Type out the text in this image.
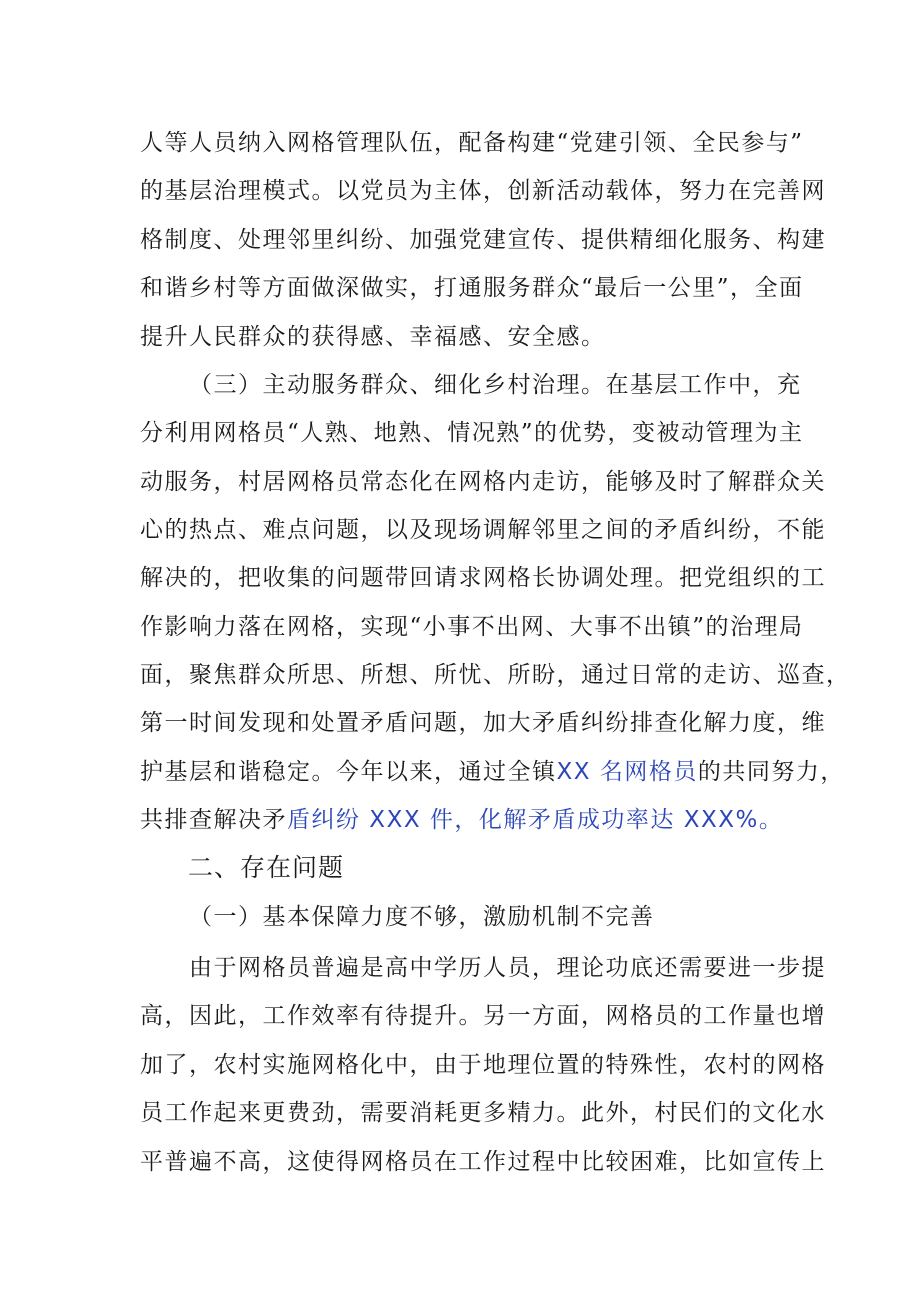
人等人员纳入网格管理队伍，配备构建“党建引领、全民参与”
的基层治理模式。以党员为主体，创新活动载体，努力在完善网
格制度、处理邻里纠纷、加强党建宣传、提供精细化服务、构建
和谐乡村等方面做深做实，打通服务群众“最后一公里”，全面
提升人民群众的获得感、幸福感、安全感。
（三）主动服务群众、细化乡村治理。在基层工作中，充
分利用网格员“人熟、地熟、情况熟”的优势，变被动管理为主
动服务，村居网格员常态化在网格内走访，能够及时了解群众关
心的热点、难点问题，以及现场调解邻里之间的矛盾纠纷，不能
解决的，把收集的问题带回请求网格长协调处理。把党组织的工
作影响力落在网格，实现“小事不出网、大事不出镇”的治理局
面，聚焦群众所思、所想、所忧、所盼，通过日常的走访、巡查，
第一时间发现和处置矛盾问题，加大矛盾纠纷排查化解力度，维
护基层和谐稳定。今年以来，通过全镇XX 名网格员的共同努力，
共排查解决矛盾纠纷 XXX 件，化解矛盾成功率达 XXX%。
二、存在问题
（一）基本保障力度不够，激励机制不完善
由于网格员普遍是高中学历人员，理论功底还需要进一步提
高，因此，工作效率有待提升。另一方面，网格员的工作量也增
加了，农村实施网格化中，由于地理位置的特殊性，农村的网格
员工作起来更费劲，需要消耗更多精力。此外，村民们的文化水
平普遍不高，这使得网格员在工作过程中比较困难，比如宣传上
